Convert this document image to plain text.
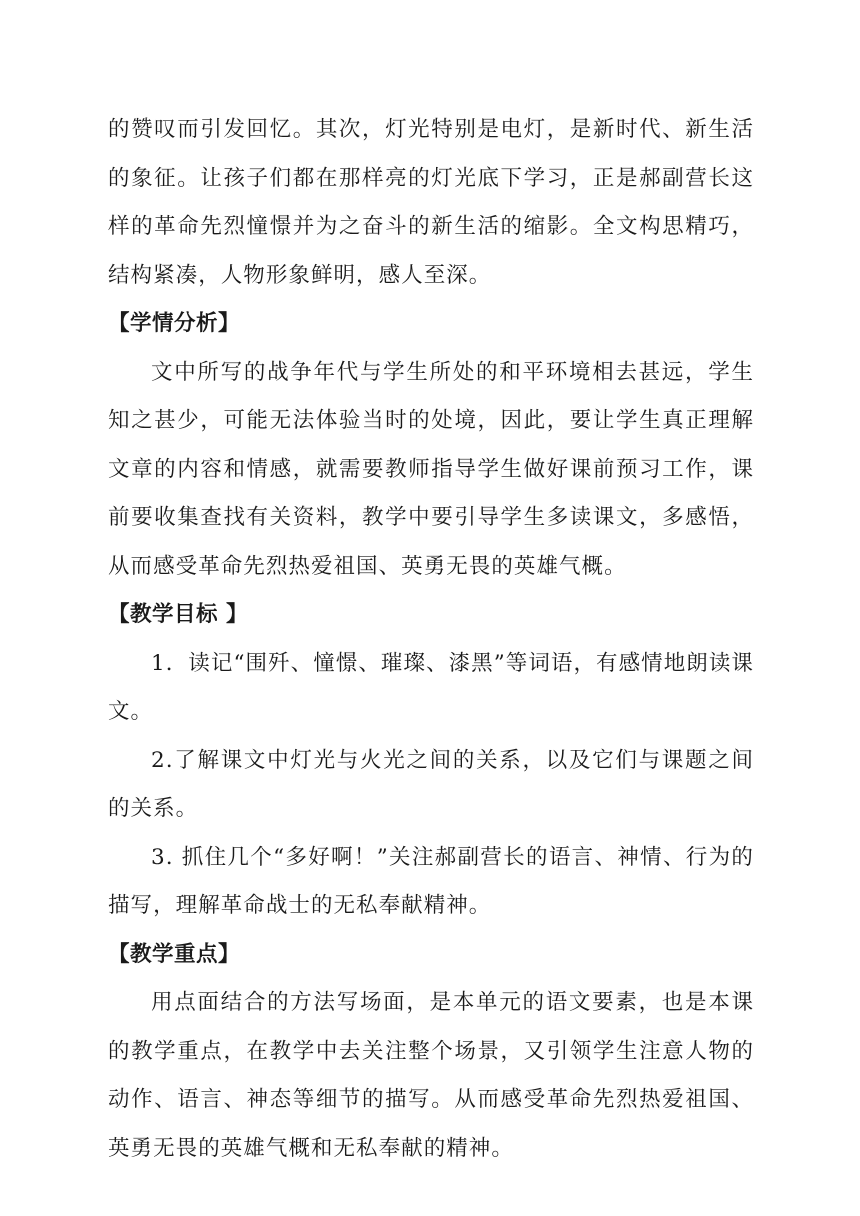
的赞叹而引发回忆。其次，灯光特别是电灯，是新时代、新生活的象征。让孩子们都在那样亮的灯光底下学习，正是郝副营长这样的革命先烈憧憬并为之奋斗的新生活的缩影。全文构思精巧，结构紧凑，人物形象鲜明，感人至深。

【学情分析】

文中所写的战争年代与学生所处的和平环境相去甚远，学生知之甚少，可能无法体验当时的处境，因此，要让学生真正理解文章的内容和情感，就需要教师指导学生做好课前预习工作，课前要收集查找有关资料，教学中要引导学生多读课文，多感悟，从而感受革命先烈热爱祖国、英勇无畏的英雄气概。

【教学目标 】

1．读记“围歼、憧憬、璀璨、漆黑”等词语，有感情地朗读课文。

2.了解课文中灯光与火光之间的关系，以及它们与课题之间的关系。

3. 抓住几个“多好啊！”关注郝副营长的语言、神情、行为的描写，理解革命战士的无私奉献精神。

【教学重点】

用点面结合的方法写场面，是本单元的语文要素，也是本课的教学重点，在教学中去关注整个场景，又引领学生注意人物的动作、语言、神态等细节的描写。从而感受革命先烈热爱祖国、英勇无畏的英雄气概和无私奉献的精神。
